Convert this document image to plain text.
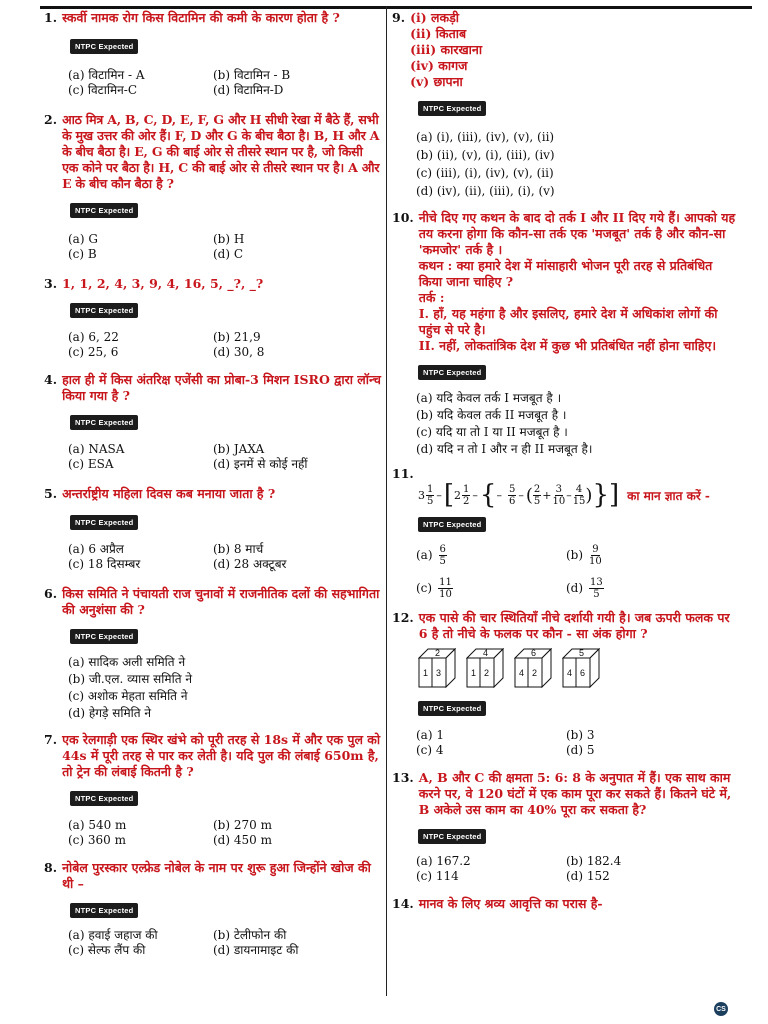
1. स्कर्वी नामक रोग किस विटामिन की कमी के कारण होता है ?
NTPC Expected
(a) विटामिन - A	(b) विटामिन - B
(c) विटामिन-C	(d) विटामिन-D
2. आठ मित्र A, B, C, D, E, F, G और H सीधी रेखा में बैठे हैं, सभी के मुख उत्तर की ओर हैं। F, D और G के बीच बैठा है। B, H और A के बीच बैठा है। E, G की बाई ओर से तीसरे स्थान पर है, जो किसी एक कोने पर बैठा है। H, C की बाई ओर से तीसरे स्थान पर है। A और E के बीच कौन बैठा है ?
NTPC Expected
(a) G	(b) H
(c) B	(d) C
3. 1, 1, 2, 4, 3, 9, 4, 16, 5, _?, _?
NTPC Expected
(a) 6, 22	(b) 21,9
(c) 25, 6	(d) 30, 8
4. हाल ही में किस अंतरिक्ष एजेंसी का प्रोबा-3 मिशन ISRO द्वारा लॉन्च किया गया है ?
NTPC Expected
(a) NASA	(b) JAXA
(c) ESA	(d) इनमें से कोई नहीं
5. अन्तर्राष्ट्रीय महिला दिवस कब मनाया जाता है ?
NTPC Expected
(a) 6 अप्रैल	(b) 8 मार्च
(c) 18 दिसम्बर	(d) 28 अक्टूबर
6. किस समिति ने पंचायती राज चुनावों में राजनीतिक दलों की सहभागिता की अनुशंसा की ?
NTPC Expected
(a) सादिक अली समिति ने
(b) जी.एल. व्यास समिति ने
(c) अशोक मेहता समिति ने
(d) हेगड़े समिति ने
7. एक रेलगाड़ी एक स्थिर खंभे को पूरी तरह से 18s में और एक पुल को 44s में पूरी तरह से पार कर लेती है। यदि पुल की लंबाई 650m है, तो ट्रेन की लंबाई कितनी है ?
NTPC Expected
(a) 540 m	(b) 270 m
(c) 360 m	(d) 450 m
8. नोबेल पुरस्कार एल्फ्रेड नोबेल के नाम पर शुरू हुआ जिन्होंने खोज की थी –
NTPC Expected
(a) हवाई जहाज की	(b) टेलीफोन की
(c) सेल्फ लैंप की	(d) डायनामाइट की
9. (i) लकड़ी
(ii) किताब
(iii) कारखाना
(iv) कागज
(v) छापना
NTPC Expected
(a) (i), (iii), (iv), (v), (ii)
(b) (ii), (v), (i), (iii), (iv)
(c) (iii), (i), (iv), (v), (ii)
(d) (iv), (ii), (iii), (i), (v)
10. नीचे दिए गए कथन के बाद दो तर्क I और II दिए गये हैं। आपको यह तय करना होगा कि कौन-सा तर्क एक 'मजबूत' तर्क है और कौन-सा 'कमजोर' तर्क है ।
कथन : क्या हमारे देश में मांसाहारी भोजन पूरी तरह से प्रतिबंधित किया जाना चाहिए ?
तर्क :
I. हाँ, यह महंगा है और इसलिए, हमारे देश में अधिकांश लोगों की पहुंच से परे है।
II. नहीं, लोकतांत्रिक देश में कुछ भी प्रतिबंधित नहीं होना चाहिए।
NTPC Expected
(a) यदि केवल तर्क I मजबूत है ।
(b) यदि केवल तर्क II मजबूत है ।
(c) यदि या तो I या II मजबूत है ।
(d) यदि न तो I और न ही II मजबूत है।
11.
$3 \frac{1}{5}$ – [ $2 \frac{1}{2}$ – { – $\frac{5}{6}$ – ( $\frac{2}{5} + \frac{3}{10} - \frac{4}{15}$ ) } ] का मान ज्ञात करें -
NTPC Expected
$(a) \frac{6}{5}$	$(b) \frac{9}{10}$
$(c) \frac{11}{10}$	$(d) \frac{13}{5}$
12. एक पासे की चार स्थितियाँ नीचे दर्शायी गयी है। जब ऊपरी फलक पर 6 है तो नीचे के फलक पर कौन - सा अंक होगा ?
2
1 3
4
1 2
6
4 2
5
4 6
NTPC Expected
(a) 1	(b) 3
(c) 4	(d) 5
13. A, B और C की क्षमता 5: 6: 8 के अनुपात में हैं। एक साथ काम करने पर, वे 120 घंटों में एक काम पूरा कर सकते हैं। कितने घंटे में, B अकेले उस काम का 40% पूरा कर सकता है?
NTPC Expected
(a) 167.2	(b) 182.4
(c) 114	(d) 152
14. मानव के लिए श्रव्य आवृत्ति का परास है-
CS
